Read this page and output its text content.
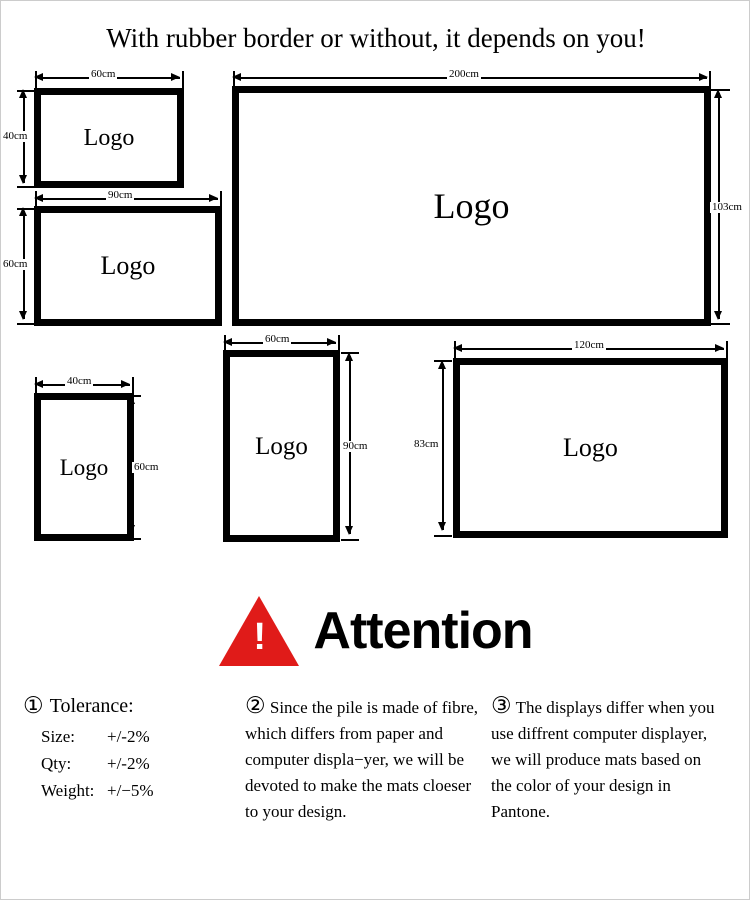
With rubber border or without, it depends on you!
Logo
60cm
40cm
Logo
200cm
103cm
Logo
90cm
60cm
Logo
40cm
60cm
Logo
60cm
90cm	Logo
120cm
83cm
! Attention
① Tolerance:
Size:	+/-2%
Qty:	+/-2%
Weight: +/−5%
② Since the pile is made of fibre, which differs from paper and computer displa−yer, we will be devoted to make the mats cloeser to your design.
③ The displays differ when you use diffrent computer displayer, we will produce mats based on the color of your design in Pantone.
